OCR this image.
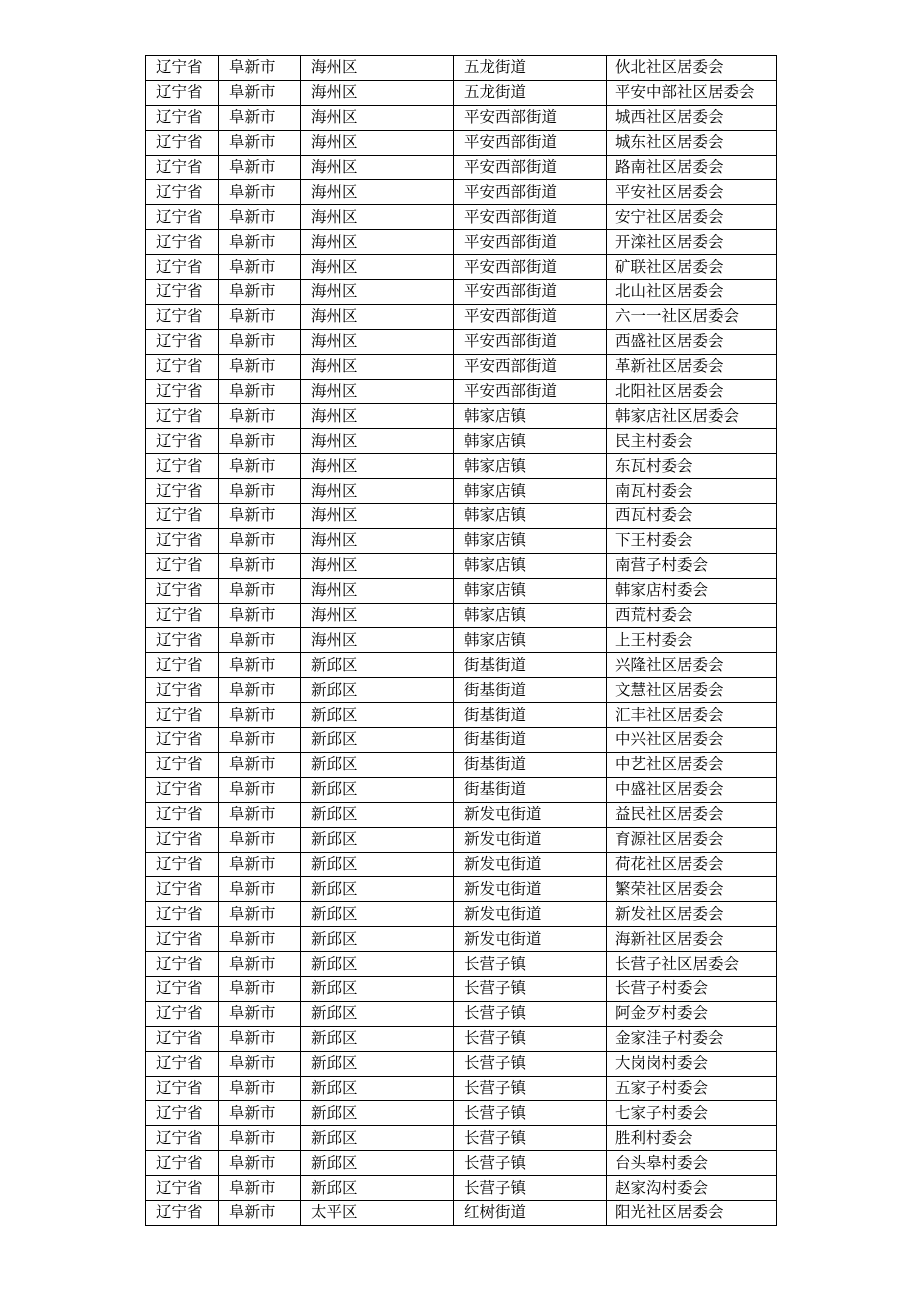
辽宁省	阜新市	海州区	五龙街道	伙北社区居委会
辽宁省	阜新市	海州区	五龙街道	平安中部社区居委会
辽宁省	阜新市	海州区	平安西部街道	城西社区居委会
辽宁省	阜新市	海州区	平安西部街道	城东社区居委会
辽宁省	阜新市	海州区	平安西部街道	路南社区居委会
辽宁省	阜新市	海州区	平安西部街道	平安社区居委会
辽宁省	阜新市	海州区	平安西部街道	安宁社区居委会
辽宁省	阜新市	海州区	平安西部街道	开滦社区居委会
辽宁省	阜新市	海州区	平安西部街道	矿联社区居委会
辽宁省	阜新市	海州区	平安西部街道	北山社区居委会
辽宁省	阜新市	海州区	平安西部街道	六一一社区居委会
辽宁省	阜新市	海州区	平安西部街道	西盛社区居委会
辽宁省	阜新市	海州区	平安西部街道	革新社区居委会
辽宁省	阜新市	海州区	平安西部街道	北阳社区居委会
辽宁省	阜新市	海州区	韩家店镇	韩家店社区居委会
辽宁省	阜新市	海州区	韩家店镇	民主村委会
辽宁省	阜新市	海州区	韩家店镇	东瓦村委会
辽宁省	阜新市	海州区	韩家店镇	南瓦村委会
辽宁省	阜新市	海州区	韩家店镇	西瓦村委会
辽宁省	阜新市	海州区	韩家店镇	下王村委会
辽宁省	阜新市	海州区	韩家店镇	南营子村委会
辽宁省	阜新市	海州区	韩家店镇	韩家店村委会
辽宁省	阜新市	海州区	韩家店镇	西荒村委会
辽宁省	阜新市	海州区	韩家店镇	上王村委会
辽宁省	阜新市	新邱区	街基街道	兴隆社区居委会
辽宁省	阜新市	新邱区	街基街道	文慧社区居委会
辽宁省	阜新市	新邱区	街基街道	汇丰社区居委会
辽宁省	阜新市	新邱区	街基街道	中兴社区居委会
辽宁省	阜新市	新邱区	街基街道	中艺社区居委会
辽宁省	阜新市	新邱区	街基街道	中盛社区居委会
辽宁省	阜新市	新邱区	新发屯街道	益民社区居委会
辽宁省	阜新市	新邱区	新发屯街道	育源社区居委会
辽宁省	阜新市	新邱区	新发屯街道	荷花社区居委会
辽宁省	阜新市	新邱区	新发屯街道	繁荣社区居委会
辽宁省	阜新市	新邱区	新发屯街道	新发社区居委会
辽宁省	阜新市	新邱区	新发屯街道	海新社区居委会
辽宁省	阜新市	新邱区	长营子镇	长营子社区居委会
辽宁省	阜新市	新邱区	长营子镇	长营子村委会
辽宁省	阜新市	新邱区	长营子镇	阿金歹村委会
辽宁省	阜新市	新邱区	长营子镇	金家洼子村委会
辽宁省	阜新市	新邱区	长营子镇	大岗岗村委会
辽宁省	阜新市	新邱区	长营子镇	五家子村委会
辽宁省	阜新市	新邱区	长营子镇	七家子村委会
辽宁省	阜新市	新邱区	长营子镇	胜利村委会
辽宁省	阜新市	新邱区	长营子镇	台头皋村委会
辽宁省	阜新市	新邱区	长营子镇	赵家沟村委会
辽宁省	阜新市	太平区	红树街道	阳光社区居委会
